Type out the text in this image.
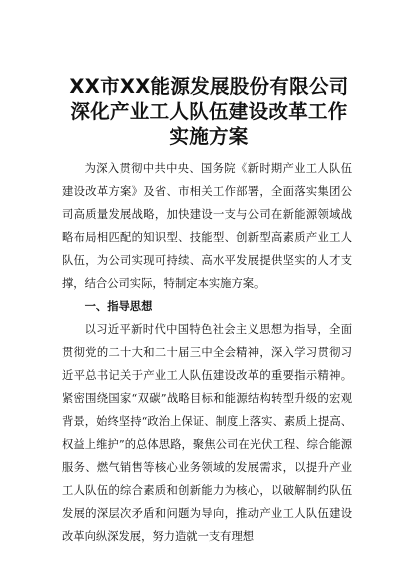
XX市XX能源发展股份有限公司深化产业工人队伍建设改革工作实施方案

为深入贯彻中共中央、国务院《新时期产业工人队伍建设改革方案》及省、市相关工作部署，全面落实集团公司高质量发展战略，加快建设一支与公司在新能源领域战略布局相匹配的知识型、技能型、创新型高素质产业工人队伍，为公司实现可持续、高水平发展提供坚实的人才支撑，结合公司实际，特制定本实施方案。

一、指导思想

以习近平新时代中国特色社会主义思想为指导，全面贯彻党的二十大和二十届三中全会精神，深入学习贯彻习近平总书记关于产业工人队伍建设改革的重要指示精神。紧密围绕国家“双碳”战略目标和能源结构转型升级的宏观背景，始终坚持“政治上保证、制度上落实、素质上提高、权益上维护”的总体思路，聚焦公司在光伏工程、综合能源服务、燃气销售等核心业务领域的发展需求，以提升产业工人队伍的综合素质和创新能力为核心，以破解制约队伍发展的深层次矛盾和问题为导向，推动产业工人队伍建设改革向纵深发展，努力造就一支有理想
